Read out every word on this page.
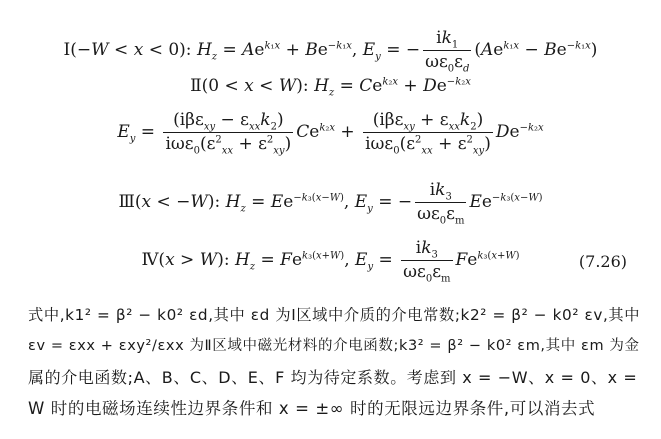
Ⅰ(−W < x < 0): $H_z = Ae^{k_1x} + Be^{-k_1x}$, $E_y$ = − $\frac{ik_1}{\omega\varepsilon_0\varepsilon_d} (Ae^{k_1x} - Be^{-k_1x})$
Ⅱ(0 < x < W): $H_z = Ce^{k_2x} + De^{-k_2x}$
$E_y = \frac{(i\beta\varepsilon_{xy} - \varepsilon_{xx}k_2)}{i\omega\varepsilon_0(\varepsilon^2_{xx} + \varepsilon^2_{xy})} Ce^{k_2x} + \frac{(i\beta\varepsilon_{xy} + \varepsilon_{xx}k_2)}{i\omega\varepsilon_0(\varepsilon^2_{xx} + \varepsilon^2_{xy})} De^{-k_2x}$
Ⅲ(x < −W): $H_z = Ee^{-k_3(x-W)}$, $E_y$ = − $\frac{ik_3}{\omega\varepsilon_0\varepsilon_m} Ee^{-k_3(x-W)}$
Ⅳ(x > W): $H_z = Fe^{k_3(x+W)}$, $E_y = \frac{ik_3}{\omega\varepsilon_0\varepsilon_m} Fe^{k_3(x+W)}$	(7.26)
式中,k1² = β² − k0² εd,其中 εd 为Ⅰ区域中介质的介电常数;k2² = β² − k0² εv,其中
εv = εxx + εxy²/εxx 为Ⅱ区域中磁光材料的介电函数;k3² = β² − k0² εm,其中 εm 为金
属的介电函数;A、B、C、D、E、F 均为待定系数。考虑到 x = −W、x = 0、x =
W 时的电磁场连续性边界条件和 x = ±∞ 时的无限远边界条件,可以消去式
